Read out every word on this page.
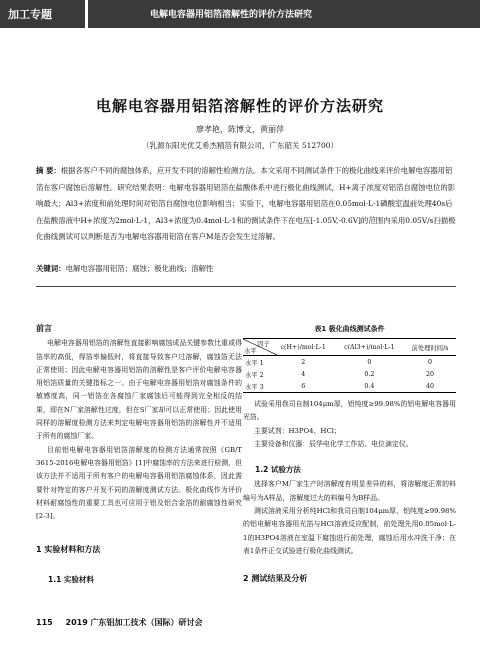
加工专题	电解电容器用铝箔溶解性的评价方法研究
电解电容器用铝箔溶解性的评价方法研究
廖孝艳，陈博文，黄丽萍
（乳源东阳光优艾希杰精箔有限公司，广东韶关 512700）

摘 要：根据各客户不同的腐蚀体系，应开发不同的溶解性检测方法。本文采用不同测试条件下的极化曲线来评价电解电容器用铝箔在客户腐蚀后溶解性。研究结果表明：电解电容器用铝箔在盐酸体系中进行极化曲线测试，H+离子浓度对铝箔自腐蚀电位的影响最大；Al3+浓度和前处理时间对铝箔自腐蚀电位影响相当；实验下，电解电容器用铝箔在0.05mol·L-1磷酸室温前处理40s后在盐酸溶液中H+浓度为2mol·L-1，Al3+浓度为0.4mol·L-1和的测试条件下在电压[-1.05V,-0.6V]的范围内采用0.05V/s扫描极化曲线测试可以判断是否为电解电容器用铝箔在客户M是否会发生过溶解。

关键词：电解电容器用铝箔；腐蚀；极化曲线；溶解性

前言

电解电容器用铝箔的溶解性直接影响腐蚀成品关键参数比重或得箔率的高低，得箔率偏低时，将直接导致客户过溶解，腐蚀箔无法正常使用；因此电解电容器用铝箔的溶解性是客户评价电解电容器用铝箔质量的关键指标之一。由于电解电容器用铝箔对腐蚀条件的敏感度高，同一铝箔在各腐蚀厂家腐蚀后可能得到完全相反的结果，即在N厂家溶解性过度，但在S厂家却可以正常使用；因此使用同样的溶解度检测方法来判定电解电容器用铝箔的溶解性并不适用于所有的腐蚀厂家。

目前铝电解电容器用铝箔溶解度的检测方法通常按照《GB/T 3615-2016电解电容器用铝箔》[1]中腐蚀率的方法来进行检测，但该方法并不适用于所有客户的电解电容器用铝箔腐蚀体系，因此需要针对特定的客户开发不同的溶解度测试方法。极化曲线作为评价材料耐腐蚀性的重要工具也可应用于铝及铝合金箔的耐腐蚀性研究[2-3]。

1 实验材料和方法
1.1 实验材料
表1 极化曲线测试条件
因子
水平	c(H+)/mol·L-1	c(Al3+)/mol·L-1	前处理时间/s
水平 1	2	0	0
水平 2	4	0.2	20
水平 3	6	0.4	40

试验采用我司自制104μm厚，铝纯度≥99.98%的铝电解电容器用光箔。

主要试剂：H3PO4、HCl；

主要设备和仪器：辰华电化学工作站、电位滴定仪。

1.2 试验方法

选择客户M厂家生产时溶解度有明显差异的料，将溶解度正常的料编号为A样品，溶解度过大的料编号为B样品。

测试溶液采用分析纯HCl和我司自制104μm厚，铝纯度≥99.98%的铝电解电容器用光箔与HCl溶液反应配制，前处理先用0.05mol·L-1的H3PO4溶液在室温下腐蚀进行前处理，腐蚀后用水冲洗干净；在表1条件正交试验进行极化曲线测试。

2 测试结果及分析
115 2019 广东铝加工技术（国际）研讨会
